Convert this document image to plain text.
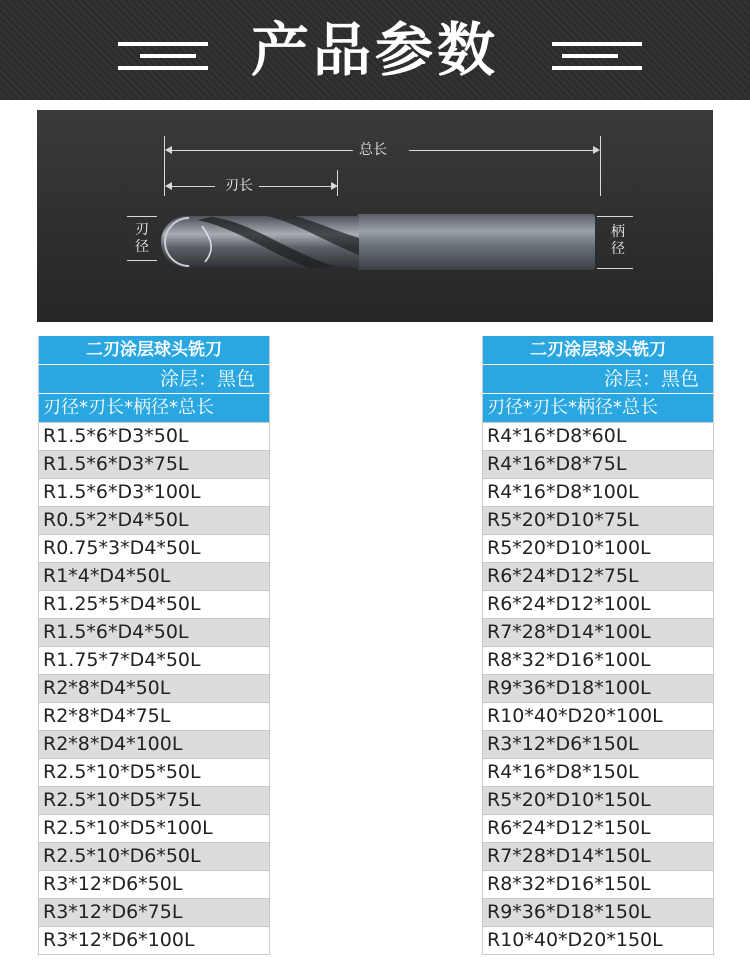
产品参数
总长
刃长
刃径
柄径
二刃涂层球头铣刀
涂层：黑色
刃径*刃长*柄径*总长
R1.5*6*D3*50L
R1.5*6*D3*75L
R1.5*6*D3*100L
R0.5*2*D4*50L
R0.75*3*D4*50L
R1*4*D4*50L
R1.25*5*D4*50L
R1.5*6*D4*50L
R1.75*7*D4*50L
R2*8*D4*50L
R2*8*D4*75L
R2*8*D4*100L
R2.5*10*D5*50L
R2.5*10*D5*75L
R2.5*10*D5*100L
R2.5*10*D6*50L
R3*12*D6*50L
R3*12*D6*75L
R3*12*D6*100L
二刃涂层球头铣刀
涂层：黑色
刃径*刃长*柄径*总长
R4*16*D8*60L
R4*16*D8*75L
R4*16*D8*100L
R5*20*D10*75L
R5*20*D10*100L
R6*24*D12*75L
R6*24*D12*100L
R7*28*D14*100L
R8*32*D16*100L
R9*36*D18*100L
R10*40*D20*100L
R3*12*D6*150L
R4*16*D8*150L
R5*20*D10*150L
R6*24*D12*150L
R7*28*D14*150L
R8*32*D16*150L
R9*36*D18*150L
R10*40*D20*150L
